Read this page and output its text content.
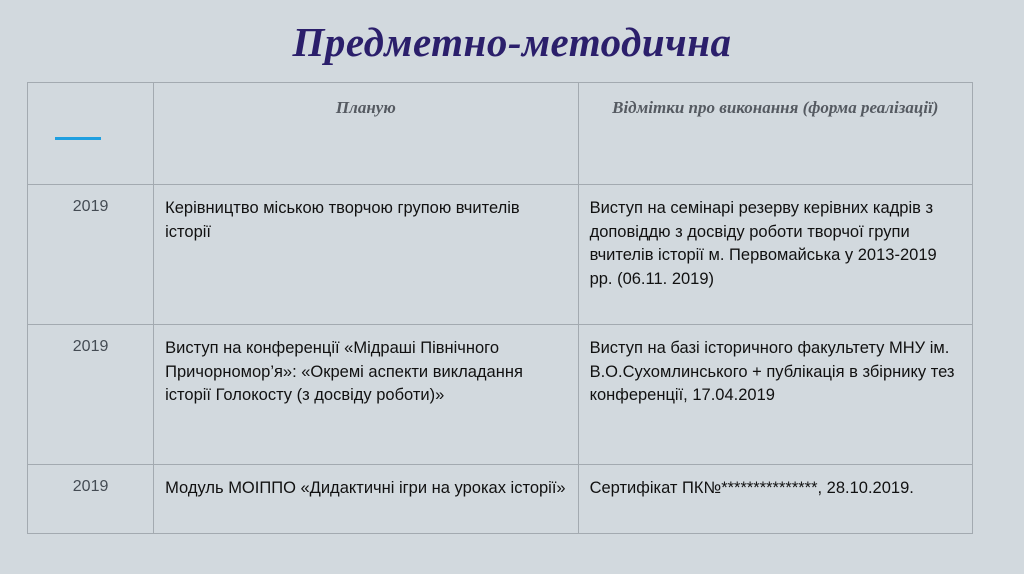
Предметно-методична

	Планую	Відмітки про виконання (форма реалізації)

2019	Керівництво міською творчою групою вчителів історії	Виступ на семінарі резерву керівних кадрів з доповіддю з досвіду роботи творчої групи вчителів історії м. Первомайська у 2013-2019 рр. (06.11. 2019)

2019	Виступ на конференції «Мідраші Північного Причорномор’я»: «Окремі аспекти викладання історії Голокосту (з досвіду роботи)»	Виступ на базі історичного факультету МНУ ім. В.О.Сухомлинського + публікація в збірнику тез конференції, 17.04.2019

2019	Модуль МОІППО «Дидактичні ігри на уроках історії»	Сертифікат ПК№***************, 28.10.2019.
